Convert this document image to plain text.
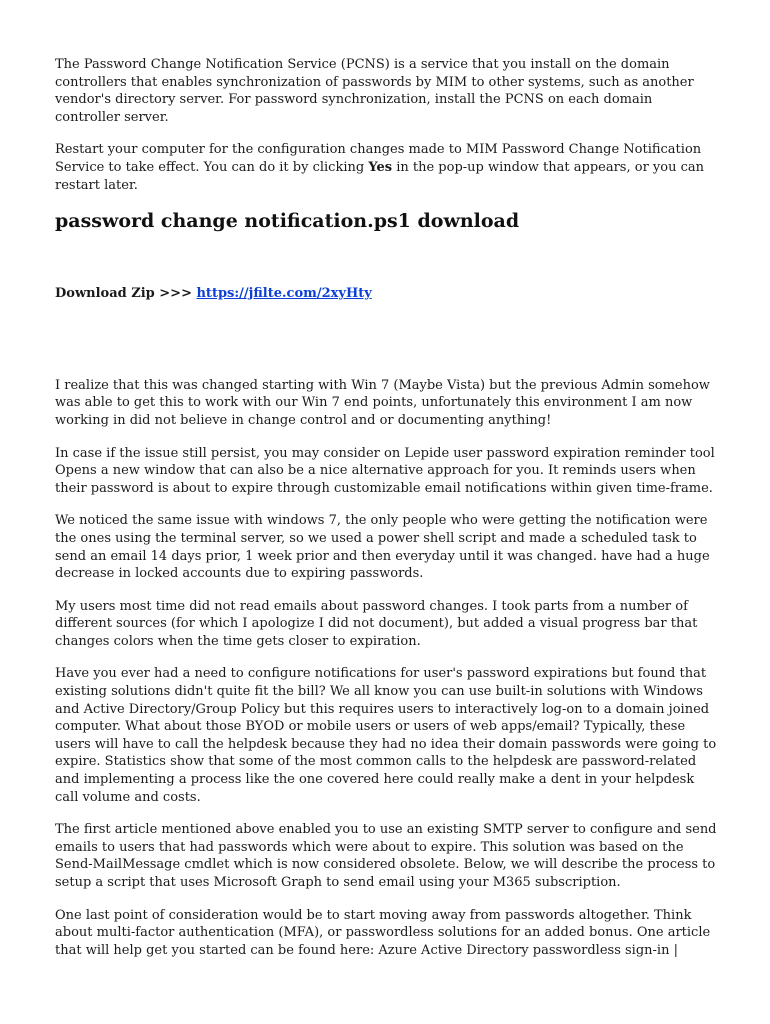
The Password Change Notification Service (PCNS) is a service that you install on the domain controllers that enables synchronization of passwords by MIM to other systems, such as another vendor's directory server. For password synchronization, install the PCNS on each domain controller server.

Restart your computer for the configuration changes made to MIM Password Change Notification Service to take effect. You can do it by clicking Yes in the pop-up window that appears, or you can restart later.

password change notification.ps1 download
Download Zip >>> https://jfilte.com/2xyHty

I realize that this was changed starting with Win 7 (Maybe Vista) but the previous Admin somehow was able to get this to work with our Win 7 end points, unfortunately this environment I am now working in did not believe in change control and or documenting anything!

In case if the issue still persist, you may consider on Lepide user password expiration reminder tool Opens a new window that can also be a nice alternative approach for you. It reminds users when their password is about to expire through customizable email notifications within given time-frame.

We noticed the same issue with windows 7, the only people who were getting the notification were the ones using the terminal server, so we used a power shell script and made a scheduled task to send an email 14 days prior, 1 week prior and then everyday until it was changed. have had a huge decrease in locked accounts due to expiring passwords.

My users most time did not read emails about password changes. I took parts from a number of different sources (for which I apologize I did not document), but added a visual progress bar that changes colors when the time gets closer to expiration.

Have you ever had a need to configure notifications for user's password expirations but found that existing solutions didn't quite fit the bill? We all know you can use built-in solutions with Windows and Active Directory/Group Policy but this requires users to interactively log-on to a domain joined computer. What about those BYOD or mobile users or users of web apps/email? Typically, these users will have to call the helpdesk because they had no idea their domain passwords were going to expire. Statistics show that some of the most common calls to the helpdesk are password-related and implementing a process like the one covered here could really make a dent in your helpdesk call volume and costs.

The first article mentioned above enabled you to use an existing SMTP server to configure and send emails to users that had passwords which were about to expire. This solution was based on the Send-MailMessage cmdlet which is now considered obsolete. Below, we will describe the process to setup a script that uses Microsoft Graph to send email using your M365 subscription.

One last point of consideration would be to start moving away from passwords altogether. Think about multi-factor authentication (MFA), or passwordless solutions for an added bonus. One article that will help get you started can be found here: Azure Active Directory passwordless sign-in |
